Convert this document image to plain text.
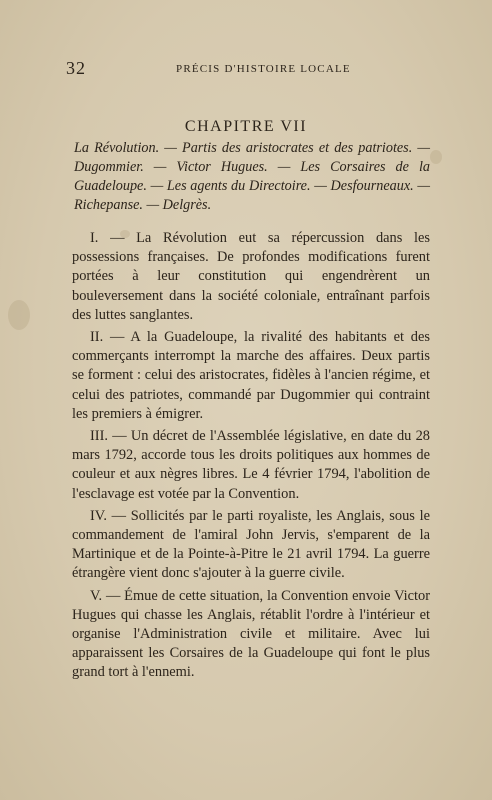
32	PRÉCIS D'HISTOIRE LOCALE
CHAPITRE VII
La Révolution. — Partis des aristocrates et des patriotes. — Dugommier. — Victor Hugues. — Les Corsaires de la Guadeloupe. — Les agents du Directoire. — Desfourneaux. — Richepanse. — Delgrès.

I. — La Révolution eut sa répercussion dans les possessions françaises. De profondes modifications furent portées à leur constitution qui engendrèrent un bouleversement dans la société coloniale, entraînant parfois des luttes sanglantes.

II. — A la Guadeloupe, la rivalité des habitants et des commerçants interrompt la marche des affaires. Deux partis se forment : celui des aristocrates, fidèles à l'ancien régime, et celui des patriotes, commandé par Dugommier qui contraint les premiers à émigrer.

III. — Un décret de l'Assemblée législative, en date du 28 mars 1792, accorde tous les droits politiques aux hommes de couleur et aux nègres libres. Le 4 février 1794, l'abolition de l'esclavage est votée par la Convention.

IV. — Sollicités par le parti royaliste, les Anglais, sous le commandement de l'amiral John Jervis, s'emparent de la Martinique et de la Pointe-à-Pitre le 21 avril 1794. La guerre étrangère vient donc s'ajouter à la guerre civile.

V. — Émue de cette situation, la Convention envoie Victor Hugues qui chasse les Anglais, rétablit l'ordre à l'intérieur et organise l'Administration civile et militaire. Avec lui apparaissent les Corsaires de la Guadeloupe qui font le plus grand tort à l'ennemi.
